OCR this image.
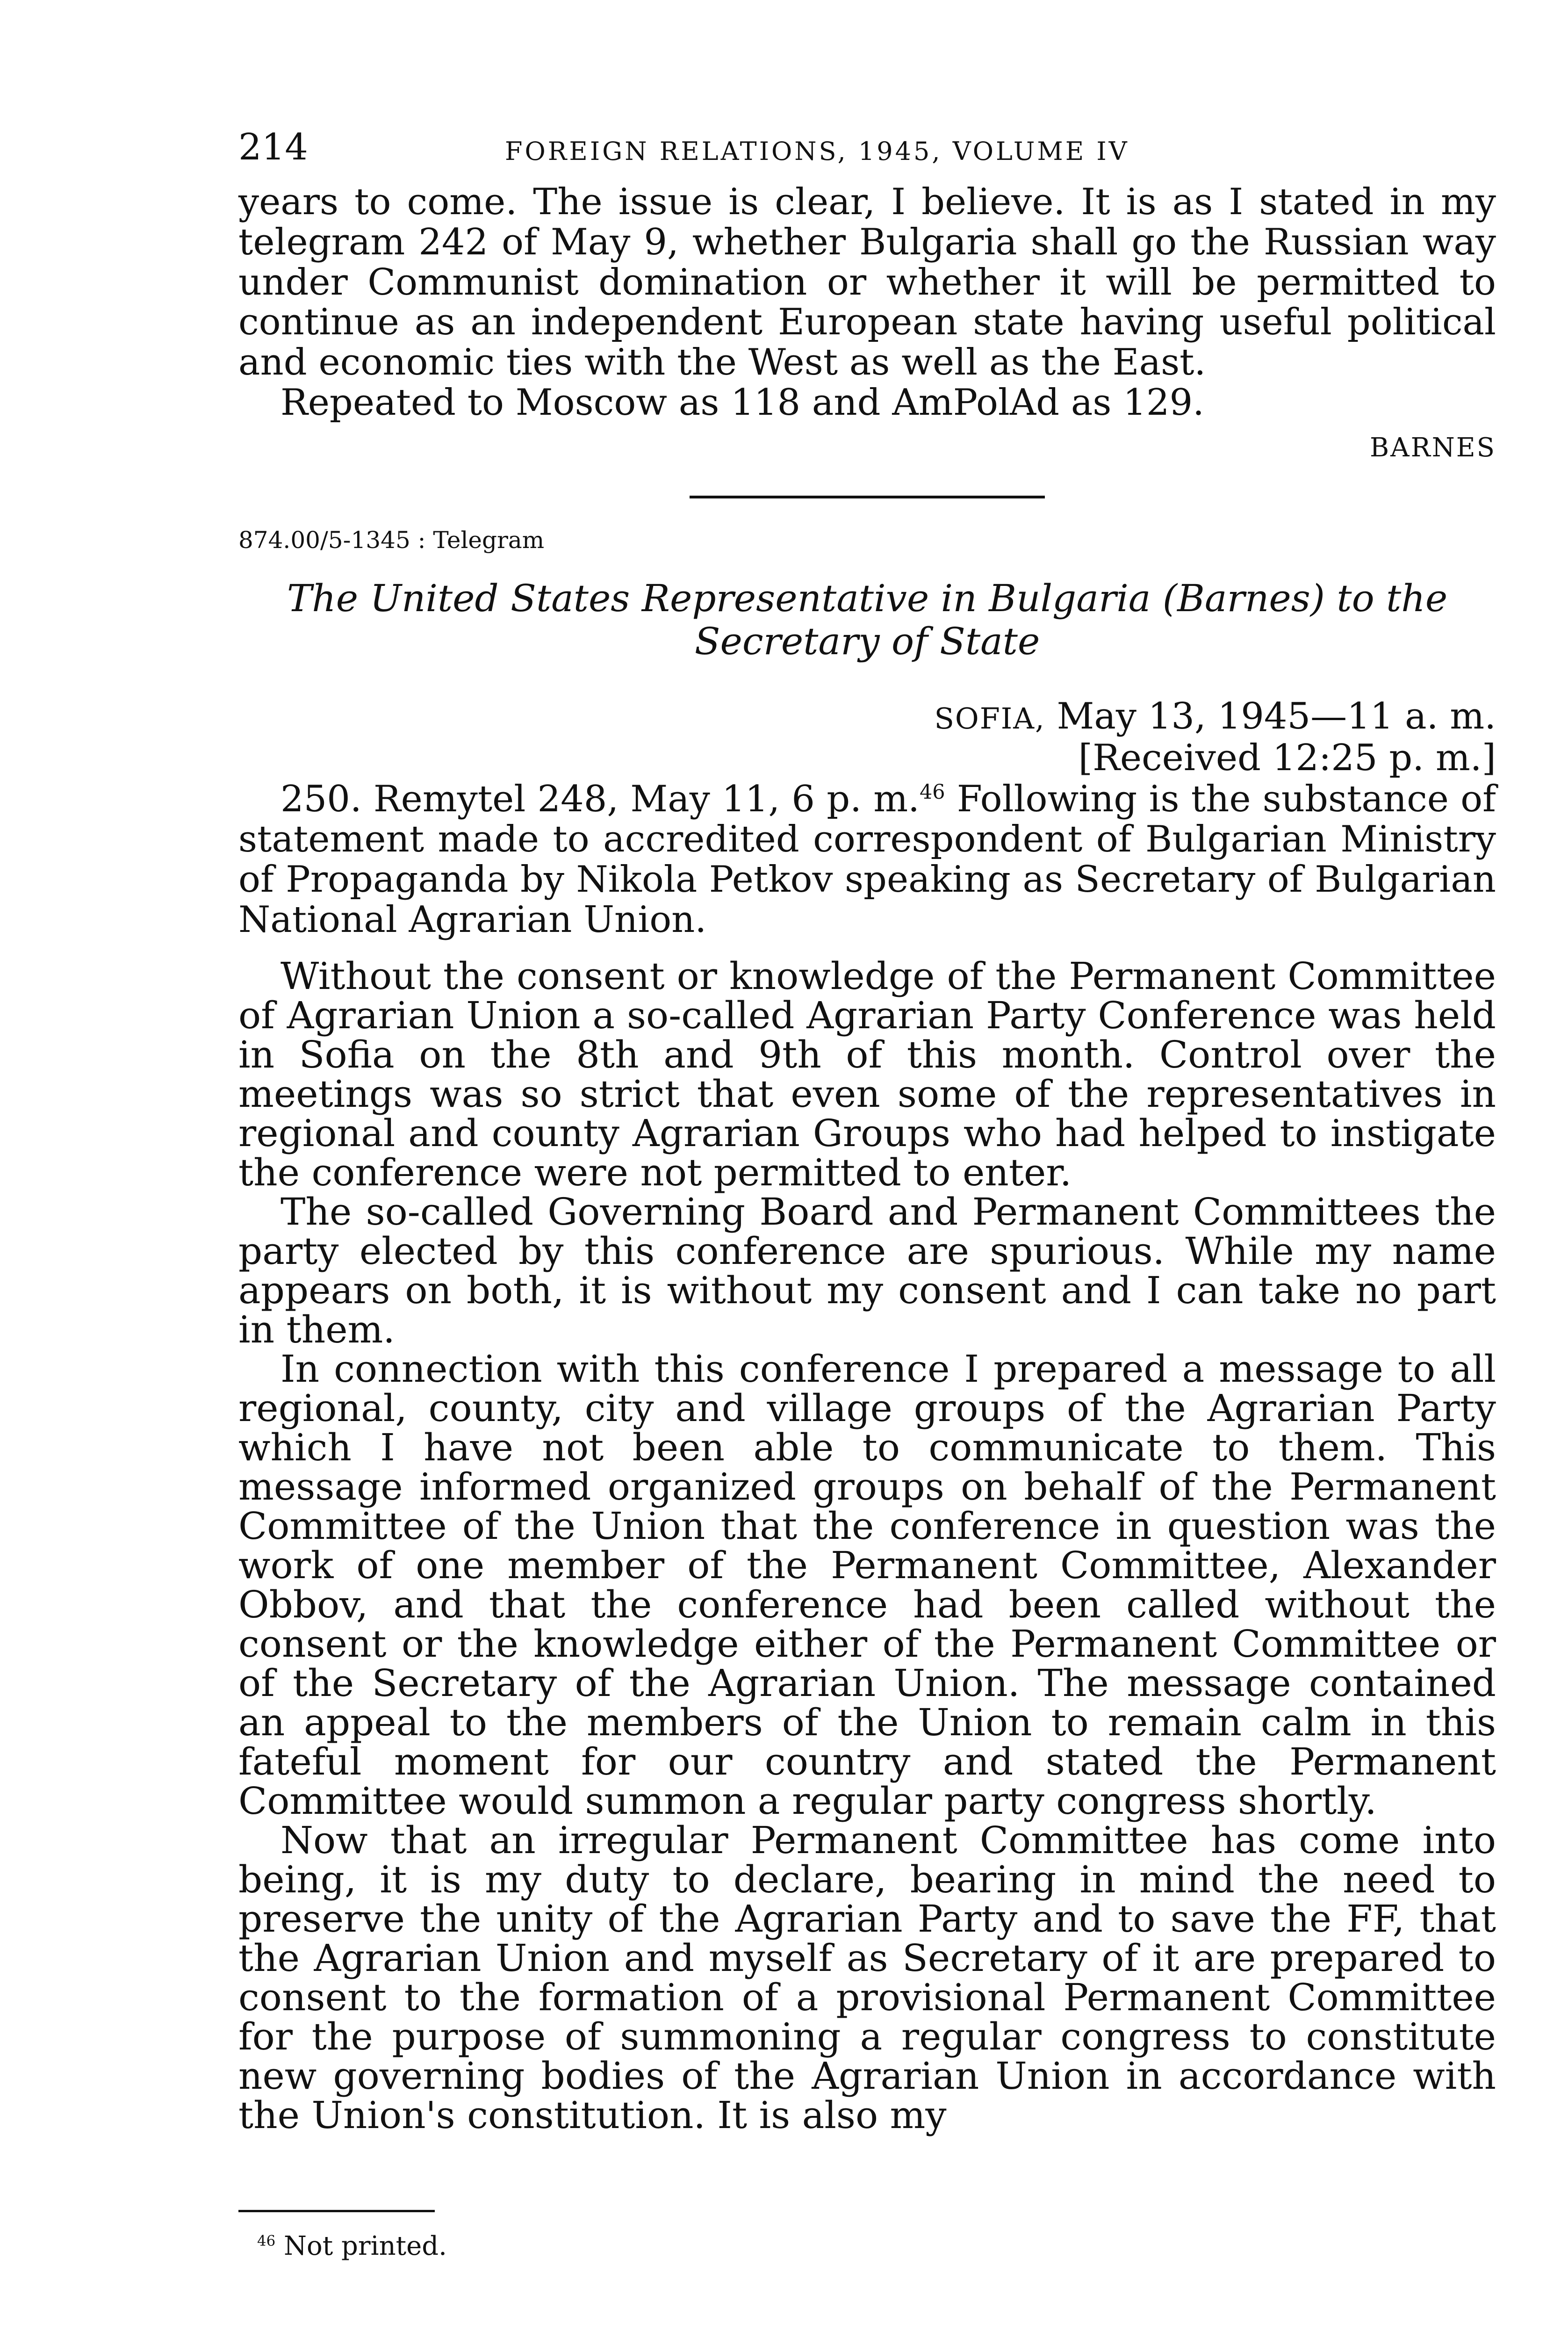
214	FOREIGN RELATIONS, 1945, VOLUME IV

years to come. The issue is clear, I believe. It is as I stated in my telegram 242 of May 9, whether Bulgaria shall go the Russian way under Communist domination or whether it will be permitted to continue as an independent European state having useful political and economic ties with the West as well as the East.

Repeated to Moscow as 118 and AmPolAd as 129.

BARNES
874.00/5-1345 : Telegram
The United States Representative in Bulgaria (Barnes) to the
Secretary of State
SOFIA, May 13, 1945—11 a. m.
[Received 12:25 p. m.]

250. Remytel 248, May 11, 6 p. m.$^{46}$ Following is the substance of statement made to accredited correspondent of Bulgarian Ministry of Propaganda by Nikola Petkov speaking as Secretary of Bulgarian National Agrarian Union.

Without the consent or knowledge of the Permanent Committee of Agrarian Union a so-called Agrarian Party Conference was held in Sofia on the 8th and 9th of this month. Control over the meetings was so strict that even some of the representatives in regional and county Agrarian Groups who had helped to instigate the conference were not permitted to enter.

The so-called Governing Board and Permanent Committees the party elected by this conference are spurious. While my name appears on both, it is without my consent and I can take no part in them.

In connection with this conference I prepared a message to all regional, county, city and village groups of the Agrarian Party which I have not been able to communicate to them. This message informed organized groups on behalf of the Permanent Committee of the Union that the conference in question was the work of one member of the Permanent Committee, Alexander Obbov, and that the conference had been called without the consent or the knowledge either of the Permanent Committee or of the Secretary of the Agrarian Union. The message contained an appeal to the members of the Union to remain calm in this fateful moment for our country and stated the Permanent Committee would summon a regular party congress shortly.

Now that an irregular Permanent Committee has come into being, it is my duty to declare, bearing in mind the need to preserve the unity of the Agrarian Party and to save the FF, that the Agrarian Union and myself as Secretary of it are prepared to consent to the formation of a provisional Permanent Committee for the purpose of summoning a regular congress to constitute new governing bodies of the Agrarian Union in accordance with the Union's constitution. It is also my

$^{46}$ Not printed.
